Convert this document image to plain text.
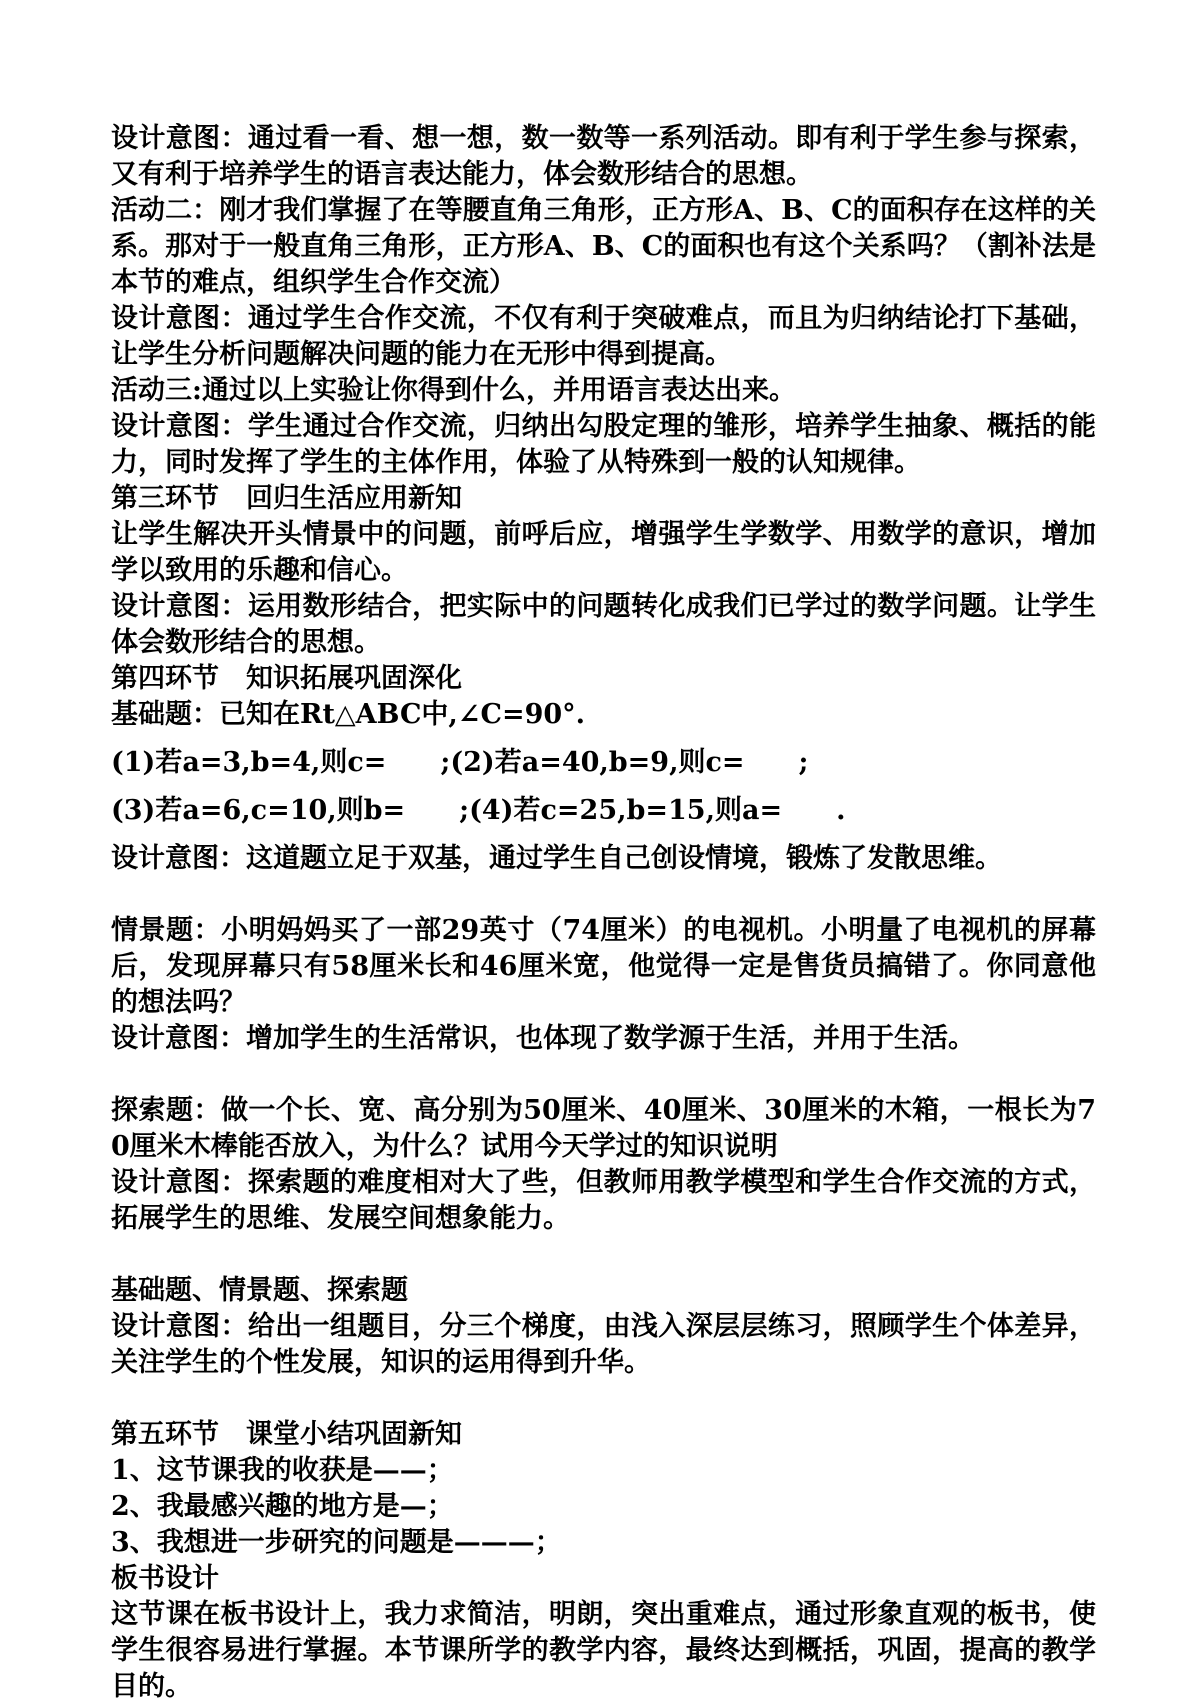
设计意图：通过看一看、想一想，数一数等一系列活动。即有利于学生参与探索，又有利于培养学生的语言表达能力，体会数形结合的思想。

活动二：刚才我们掌握了在等腰直角三角形，正方形A、B、C的面积存在这样的关系。那对于一般直角三角形，正方形A、B、C的面积也有这个关系吗？（割补法是本节的难点，组织学生合作交流）

设计意图：通过学生合作交流，不仅有利于突破难点，而且为归纳结论打下基础，让学生分析问题解决问题的能力在无形中得到提高。

活动三:通过以上实验让你得到什么，并用语言表达出来。

设计意图：学生通过合作交流，归纳出勾股定理的雏形，培养学生抽象、概括的能力，同时发挥了学生的主体作用，体验了从特殊到一般的认知规律。

第三环节　回归生活应用新知

让学生解决开头情景中的问题，前呼后应，增强学生学数学、用数学的意识，增加学以致用的乐趣和信心。

设计意图：运用数形结合，把实际中的问题转化成我们已学过的数学问题。让学生体会数形结合的思想。

第四环节　知识拓展巩固深化

基础题：已知在Rt△ABC中,∠C=90°.

(1)若a=3,b=4,则c=　　;(2)若a=40,b=9,则c=　　;

(3)若a=6,c=10,则b=　　;(4)若c=25,b=15,则a=　　.

设计意图：这道题立足于双基，通过学生自己创设情境，锻炼了发散思维。

情景题：小明妈妈买了一部29英寸（74厘米）的电视机。小明量了电视机的屏幕后，发现屏幕只有58厘米长和46厘米宽，他觉得一定是售货员搞错了。你同意他的想法吗？

设计意图：增加学生的生活常识，也体现了数学源于生活，并用于生活。

探索题：做一个长、宽、高分别为50厘米、40厘米、30厘米的木箱，一根长为70厘米木棒能否放入，为什么？试用今天学过的知识说明

设计意图：探索题的难度相对大了些，但教师用教学模型和学生合作交流的方式，拓展学生的思维、发展空间想象能力。

基础题、情景题、探索题

设计意图：给出一组题目，分三个梯度，由浅入深层层练习，照顾学生个体差异，关注学生的个性发展，知识的运用得到升华。

第五环节　课堂小结巩固新知

1、这节课我的收获是——；

2、我最感兴趣的地方是—；

3、我想进一步研究的问题是———；

板书设计

这节课在板书设计上，我力求简洁，明朗，突出重难点，通过形象直观的板书，使学生很容易进行掌握。本节课所学的教学内容，最终达到概括，巩固，提高的教学目的。
